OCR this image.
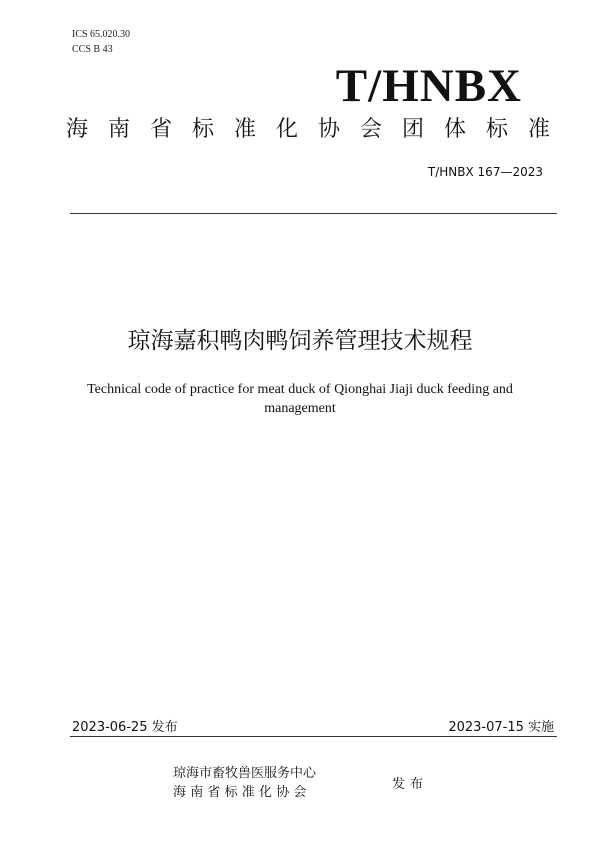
ICS 65.020.30
CCS B 43
T/HNBX
海南省标准化协会团体标准
T/HNBX 167—2023
琼海嘉积鸭肉鸭饲养管理技术规程
Technical code of practice for meat duck of Qionghai Jiaji duck feeding and
management
2023-06-25 发布	2023-07-15 实施
琼海市畜牧兽医服务中心
海南省标准化协会
发布
